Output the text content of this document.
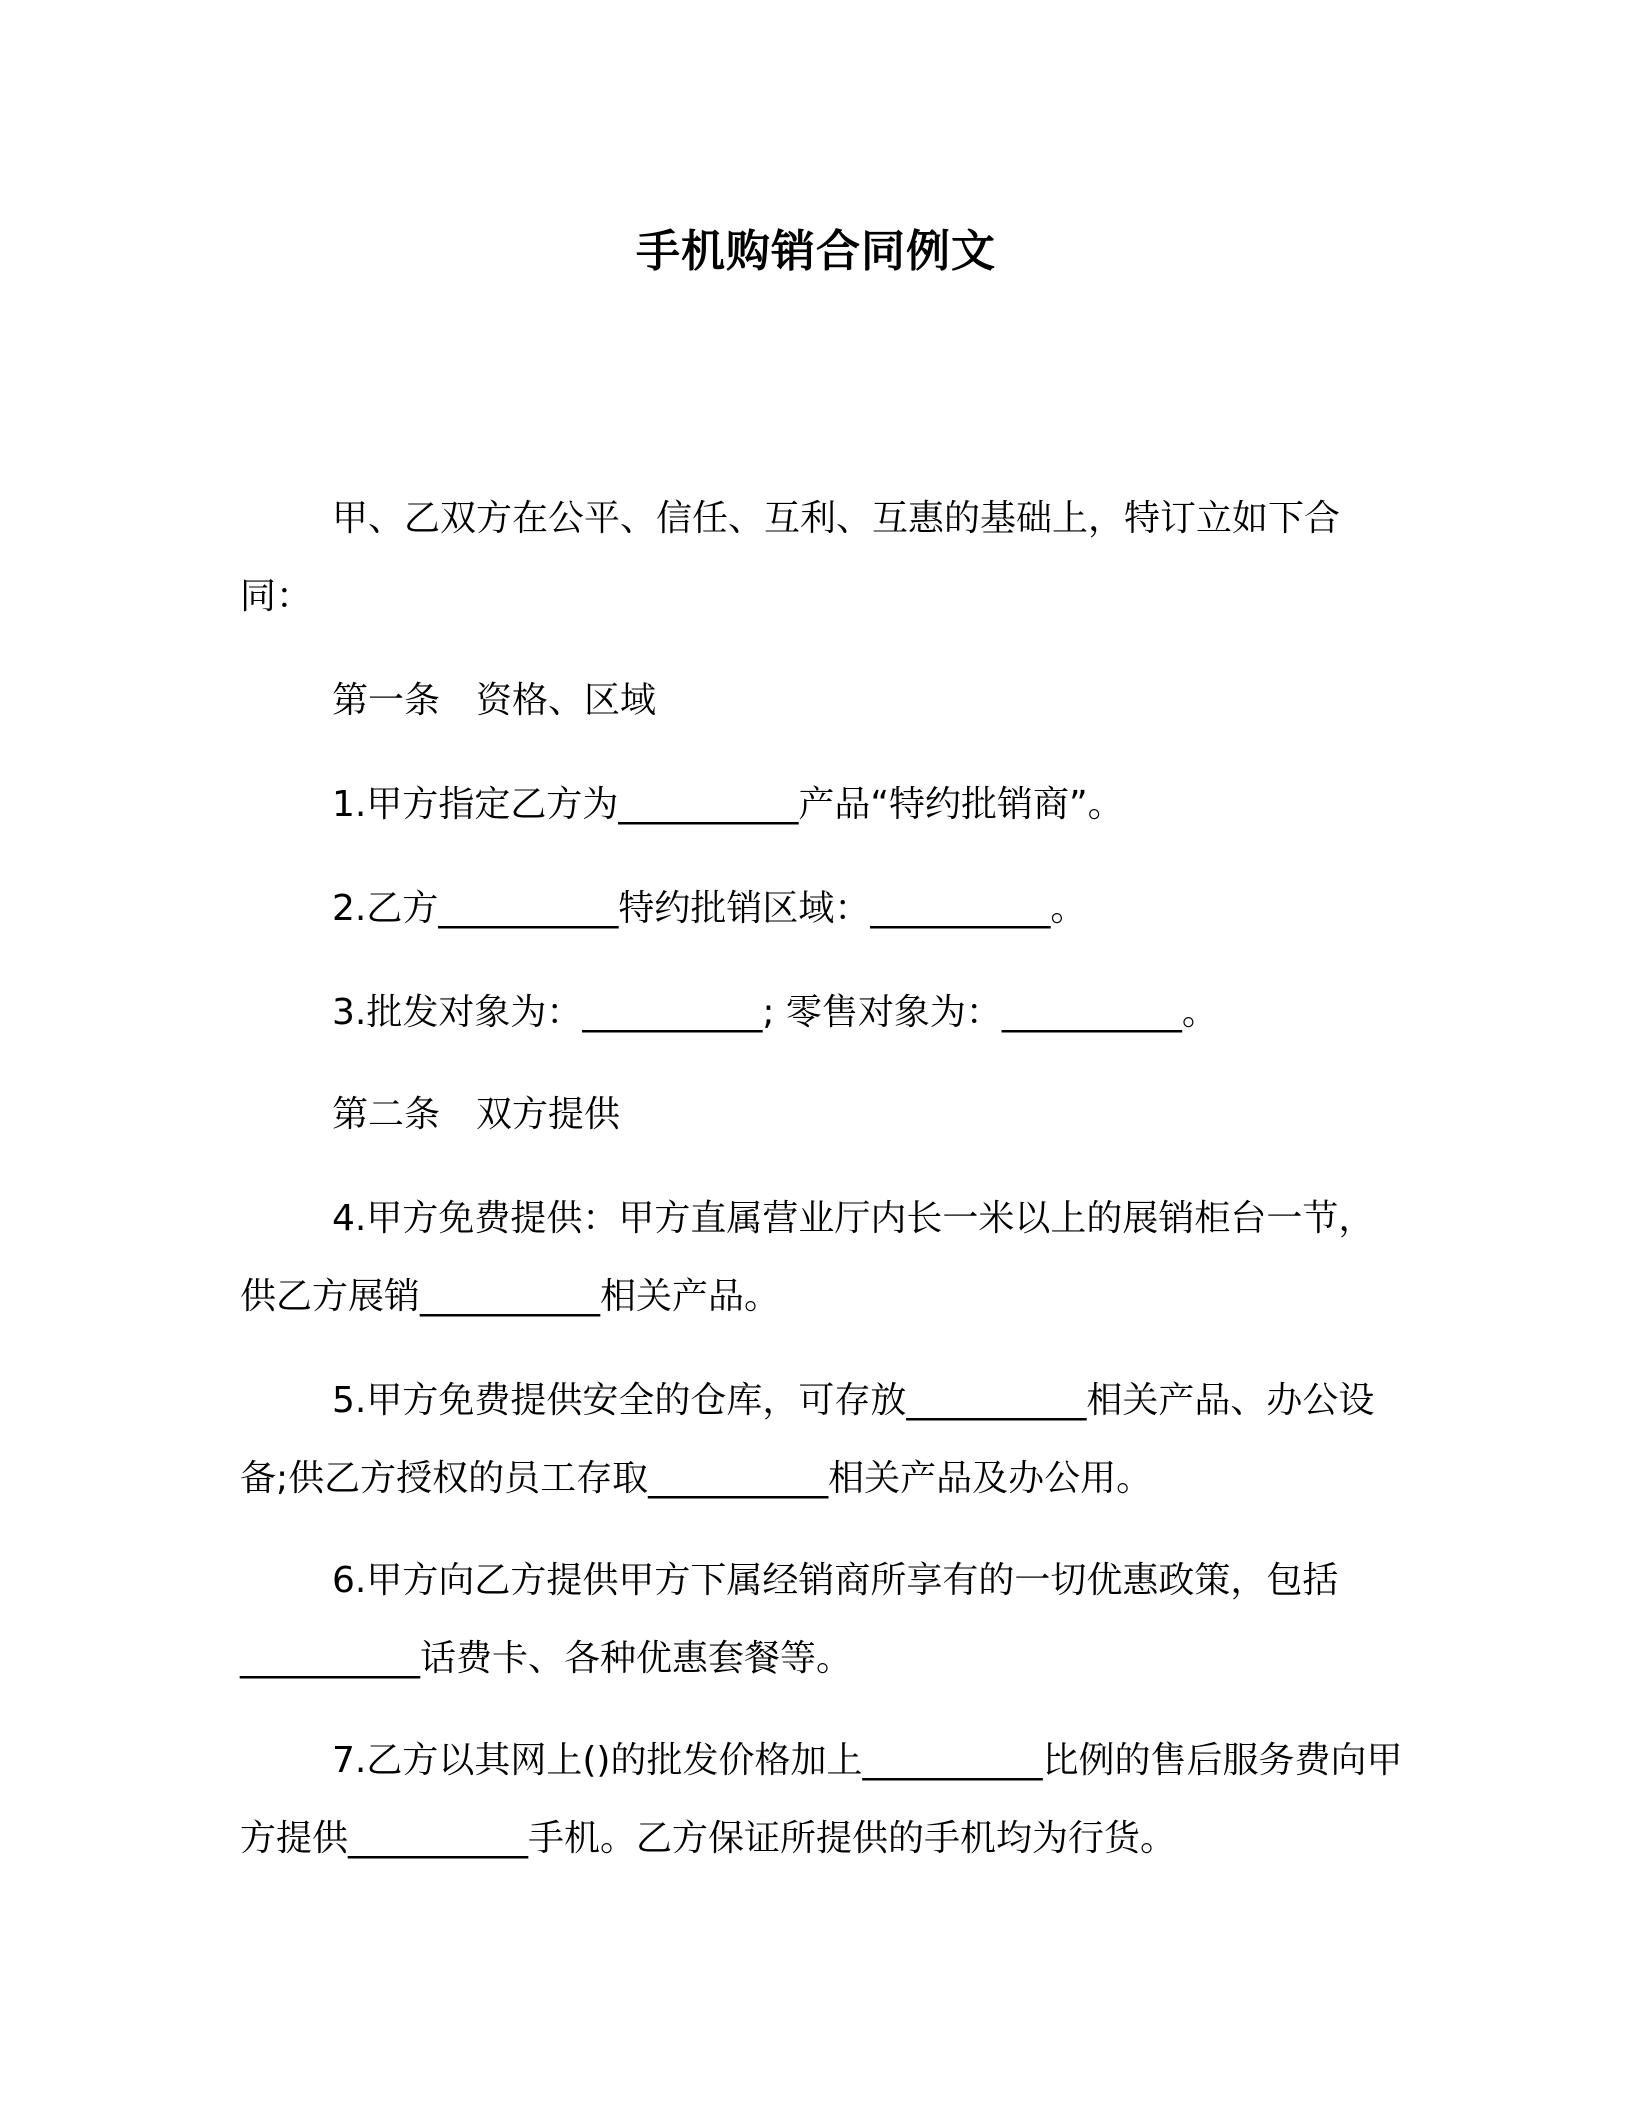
手机购销合同例文

甲、乙双方在公平、信任、互利、互惠的基础上，特订立如下合同：

第一条　资格、区域

1.甲方指定乙方为__________产品“特约批销商”。

2.乙方__________特约批销区域：__________。

3.批发对象为：__________; 零售对象为：__________。

第二条　双方提供

4.甲方免费提供：甲方直属营业厅内长一米以上的展销柜台一节，供乙方展销__________相关产品。

5.甲方免费提供安全的仓库，可存放__________相关产品、办公设备;供乙方授权的员工存取__________相关产品及办公用。

6.甲方向乙方提供甲方下属经销商所享有的一切优惠政策，包括__________话费卡、各种优惠套餐等。

7.乙方以其网上()的批发价格加上__________比例的售后服务费向甲方提供__________手机。乙方保证所提供的手机均为行货。
